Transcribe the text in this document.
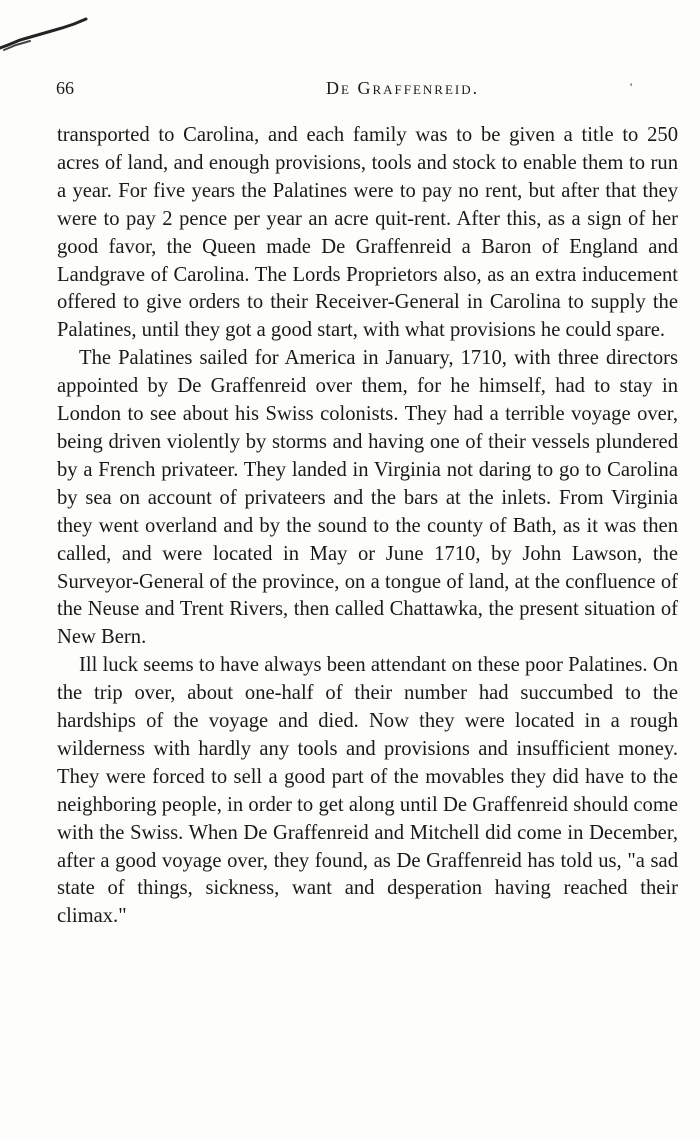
66	De Graffenreid.	'

transported to Carolina, and each family was to be given a title to 250 acres of land, and enough provisions, tools and stock to enable them to run a year. For five years the Palatines were to pay no rent, but after that they were to pay 2 pence per year an acre quit-rent. After this, as a sign of her good favor, the Queen made De Graffenreid a Baron of England and Landgrave of Carolina. The Lords Proprietors also, as an extra inducement offered to give orders to their Receiver-General in Carolina to supply the Palatines, until they got a good start, with what provisions he could spare.

The Palatines sailed for America in January, 1710, with three directors appointed by De Graffenreid over them, for he himself, had to stay in London to see about his Swiss colonists. They had a terrible voyage over, being driven violently by storms and having one of their vessels plundered by a French privateer. They landed in Virginia not daring to go to Carolina by sea on account of privateers and the bars at the inlets. From Virginia they went overland and by the sound to the county of Bath, as it was then called, and were located in May or June 1710, by John Lawson, the Surveyor-General of the province, on a tongue of land, at the confluence of the Neuse and Trent Rivers, then called Chattawka, the present situation of New Bern.

Ill luck seems to have always been attendant on these poor Palatines. On the trip over, about one-half of their number had succumbed to the hardships of the voyage and died. Now they were located in a rough wilderness with hardly any tools and provisions and insufficient money. They were forced to sell a good part of the movables they did have to the neighboring people, in order to get along until De Graffenreid should come with the Swiss. When De Graffenreid and Mitchell did come in December, after a good voyage over, they found, as De Graffenreid has told us, "a sad state of things, sickness, want and desperation having reached their climax."
